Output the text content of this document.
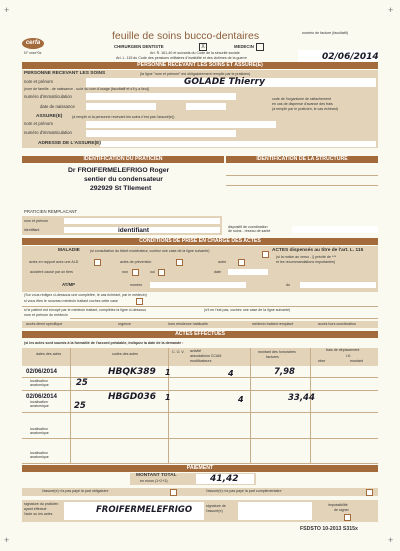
+	+
+	+
cerfa
N° xxxx*0x
feuille de soins bucco-dentaires
CHIRURGIEN DENTISTE	X	MEDECIN
Art. R. 161-40 et suivants du Code de la sécurité sociale
Art. L. 115 du Code des pensions militaires d'invalidité et des victimes de la guerre
numéro de facture (facultatif)
02/06/2014
PERSONNE RECEVANT LES SOINS ET ASSURE(E)
PERSONNE RECEVANT LES SOINS	(la ligne "nom et prénom" est obligatoirement remplie par le praticien)
nom et prénom	GOLADE Thierry
(nom de famille - de naissance - suivi du nom d'usage (facultatif et s'il y a lieu))
numéro d'immatriculation
date de naissance
code de l'organisme de rattachement
en cas de dispense d'avance des frais
(à remplir par le praticien, le cas échéant)
ASSURE(E)	(à remplir si la personne recevant les soins n'est pas l'assuré(e))
nom et prénom
numéro d'immatriculation
ADRESSE DE L'ASSURE(E)
IDENTIFICATION DU PRATICIEN	IDENTIFICATION DE LA STRUCTURE
Dr FROIFERMELEFRIGO Roger
sentier du condensateur
292929 St Tllement
PRATICIEN REMPLACANT
nom et prénom
identifiant	identifiant	dispositif de coordination
de soins - réseau de santé
CONDITIONS DE PRISE EN CHARGE DES ACTES
MALADIE	(si consultation du ticket modérateur, cochez une case de la ligne suivante)
actes en rapport avec une ALD	actes de prévention	autre
ACTES dispensés au titre de l'art. L. 115
(si la notice au verso - § précité de ***
et les recommandations importantes)
accident causé par un tiers	non	oui	date
AT/MP	numéro	du
(Sur vous rédigez ci-dessous une complétée, le cas échéant, par le médecin)
si vous êtes le nouveau médecin traitant cochez cette case
si le patient est envoyé par le médecin traitant, complétez la ligne ci-dessous	(s'il ne l'est pas, cochez une case de la ligne suivante)
nom et prénom du médecin
accès direct spécifique	urgence	hors résidence habituelle	médecin traitant remplacé	accès hors coordination
ACTES EFFECTUES
(si les actes sont soumis à la formalité de l'accord préalable, indiquez la date de la demande :
dates des actes	codes des actes	C. O. V. activité
associations CCAM
modificateurs
montant des honoraires
factures
frais de déplacement
I.K.
nbre	montant
02/06/2014	HBQK389 1	4	7,98
localisation
anatomique	25
02/06/2014	HBGD036 1	4	33,44
localisation
anatomique	25
localisation
anatomique
localisation
anatomique
PAIEMENT
MONTANT TOTAL
en euros (1+2+3)	41,42
l'assuré(e) n'a pas payé la part obligatoire	l'assuré(e) n'a pas payé la part complémentaire
signature du praticien
ayant effectué
l'acte ou les actes	FROIFERMELEFRIGO	signature de
l'assuré(e)
impossibilité
de signer
FSDSTO 10-2013 S315x
